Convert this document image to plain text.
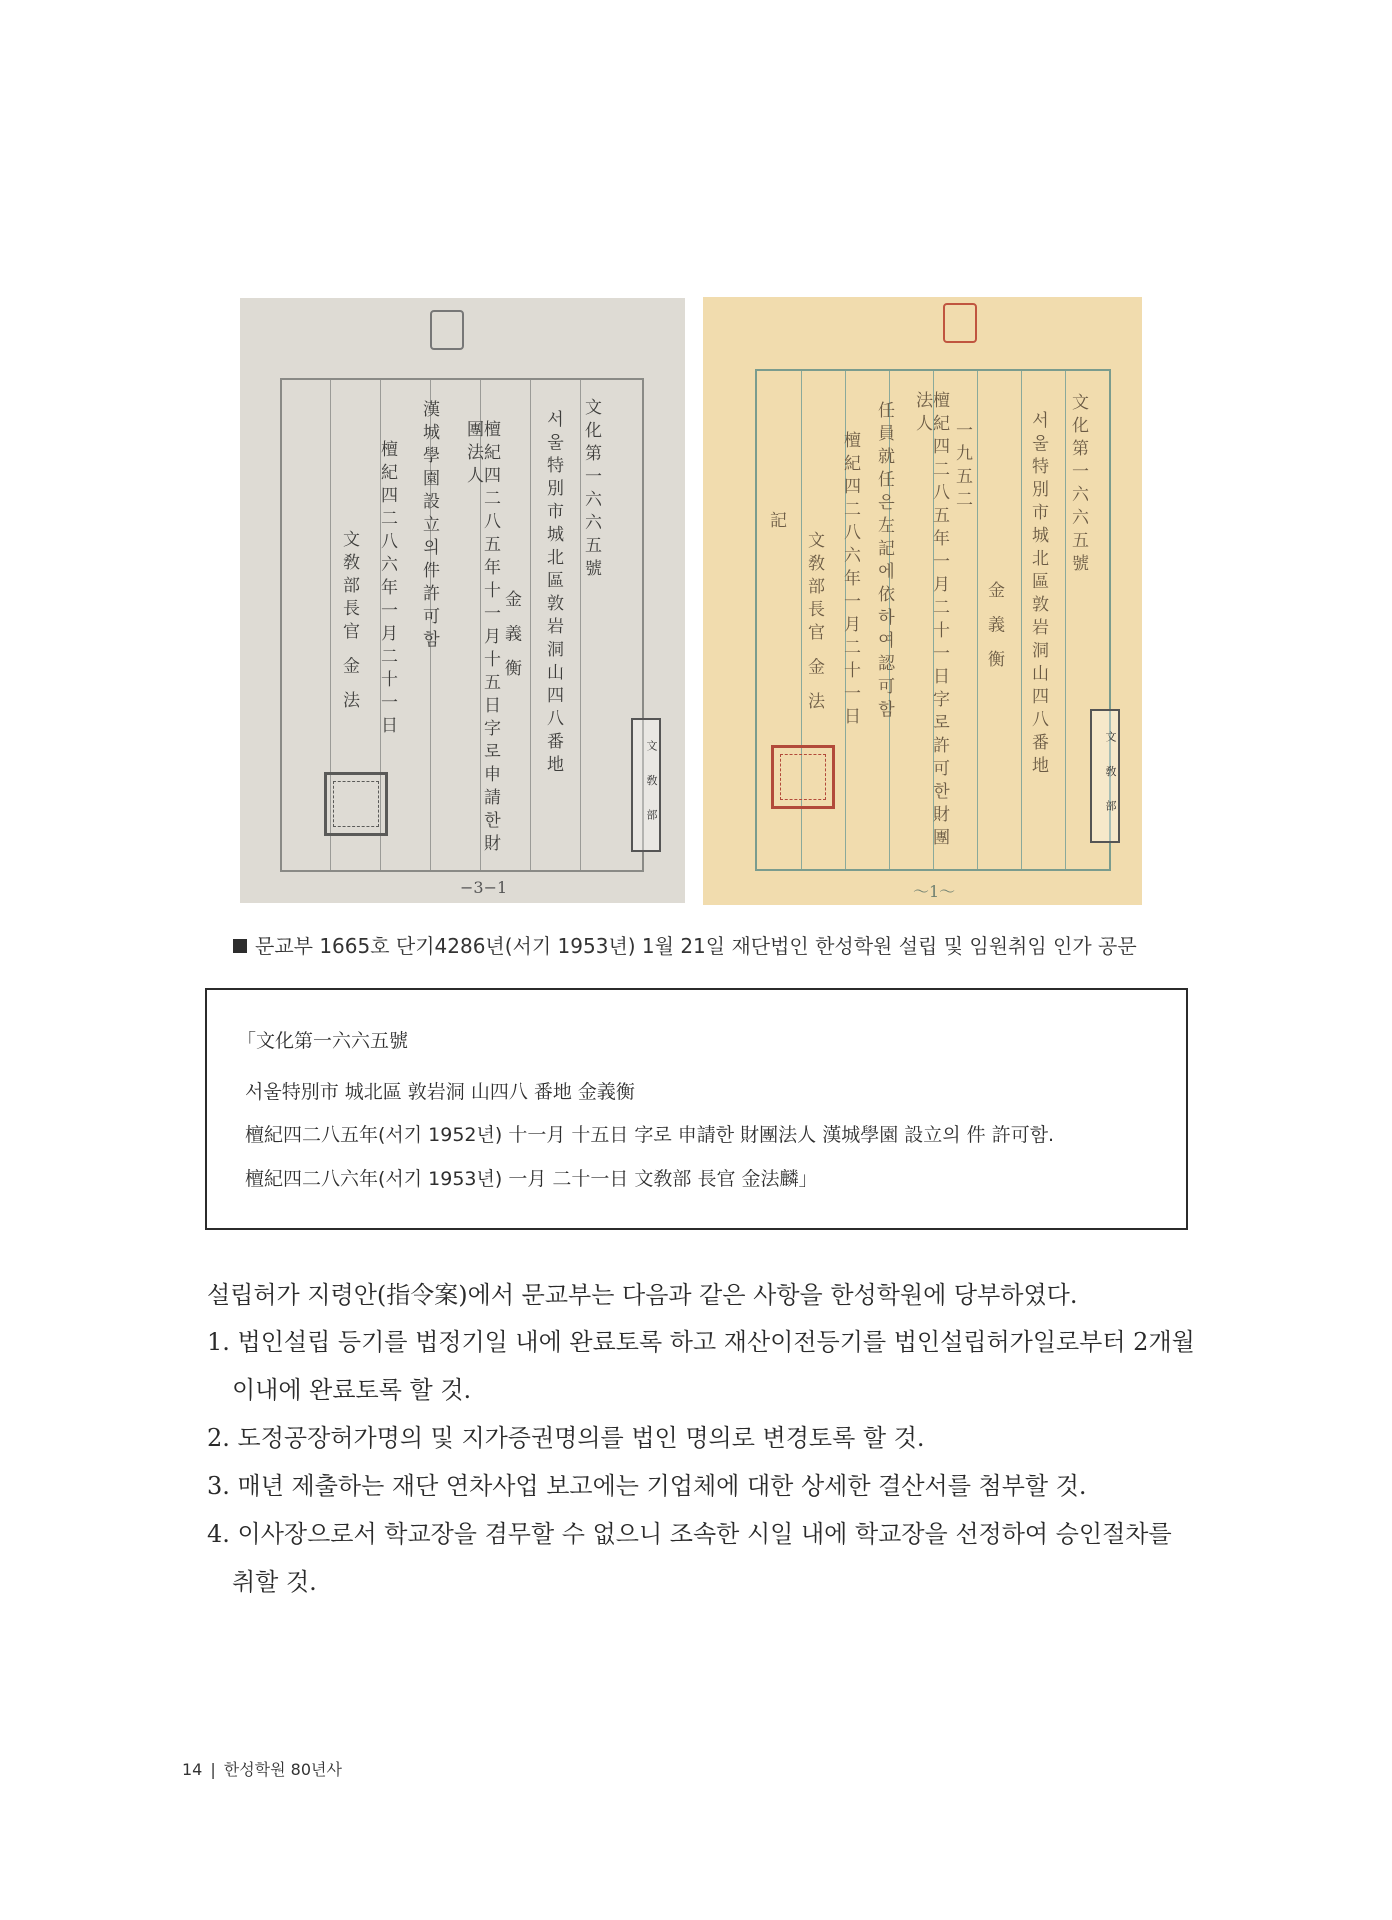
文化第一六六五號
서울特別市城北區敦岩洞山四八番地
金 義 衡
檀紀四二八五年十一月十五日字로申請한財團法人
漢城學園設立의件許可함
檀紀四二八六年一月二十一日
文敎部長官 金 法
文 敎 部
−3−1
文化第一六六五號
서울特別市城北區敦岩洞山四八番地
金 義 衡
一九五二
檀紀四二八五年一月二十一日字로許可한財團法人
任員就任은左記에依하여認可함
檀紀四二八六年一月二十一日
文敎部長官 金 法
記
文 敎 部
〜1〜
문교부 1665호 단기4286년(서기 1953년) 1월 21일 재단법인 한성학원 설립 및 임원취임 인가 공문
「文化第一六六五號
서울特別市 城北區 敦岩洞 山四八 番地 金義衡
檀紀四二八五年(서기 1952년) 十一月 十五日 字로 申請한 財團法人 漢城學園 設立의 件 許可함.
檀紀四二八六年(서기 1953년) 一月 二十一日 文敎部 長官 金法麟」
설립허가 지령안(指令案)에서 문교부는 다음과 같은 사항을 한성학원에 당부하였다.
1. 법인설립 등기를 법정기일 내에 완료토록 하고 재산이전등기를 법인설립허가일로부터 2개월
이내에 완료토록 할 것.
2. 도정공장허가명의 및 지가증권명의를 법인 명의로 변경토록 할 것.
3. 매년 제출하는 재단 연차사업 보고에는 기업체에 대한 상세한 결산서를 첨부할 것.
4. 이사장으로서 학교장을 겸무할 수 없으니 조속한 시일 내에 학교장을 선정하여 승인절차를
취할 것.
14 | 한성학원 80년사
